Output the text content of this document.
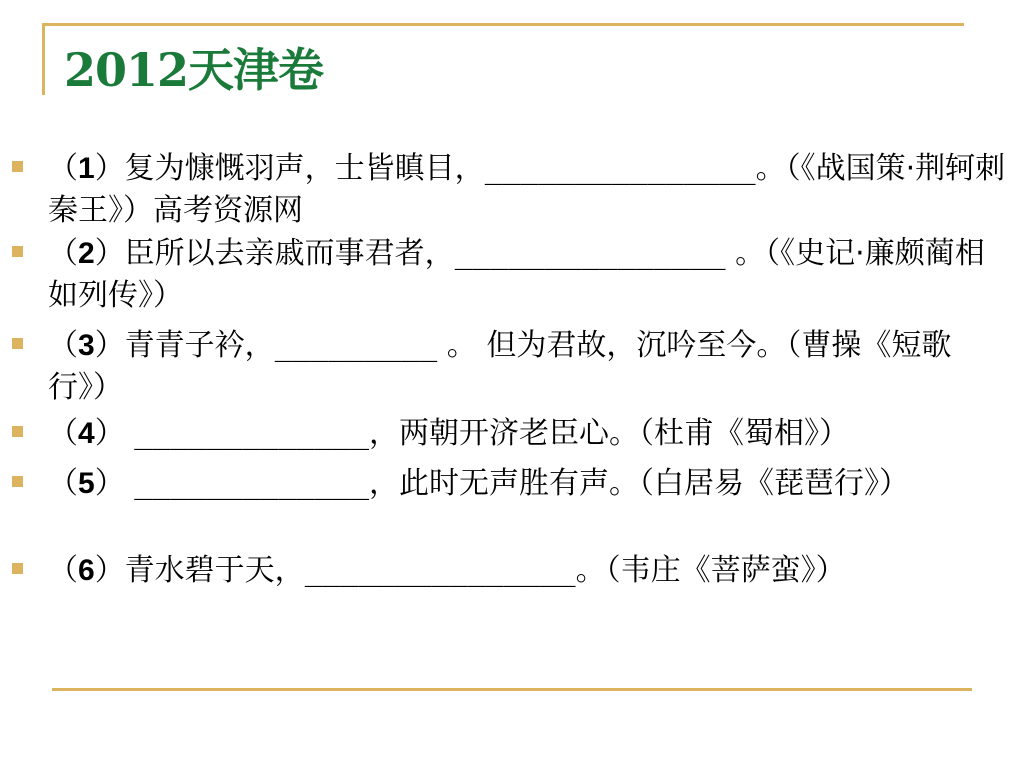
2012天津卷
（1）复为慷慨羽声，士皆瞋目，_______________。（《战国策·荆轲刺秦王》）高考资源网
（2）臣所以去亲戚而事君者，_______________ 。（《史记·廉颇蔺相如列传》）
（3）青青子衿，_________ 。 但为君故，沉吟至今。（曹操《短歌行》）
（4） _____________，两朝开济老臣心。（杜甫《蜀相》）
（5） _____________，此时无声胜有声。（白居易《琵琶行》）
（6）青水碧于天，_______________。（韦庄《菩萨蛮》）
